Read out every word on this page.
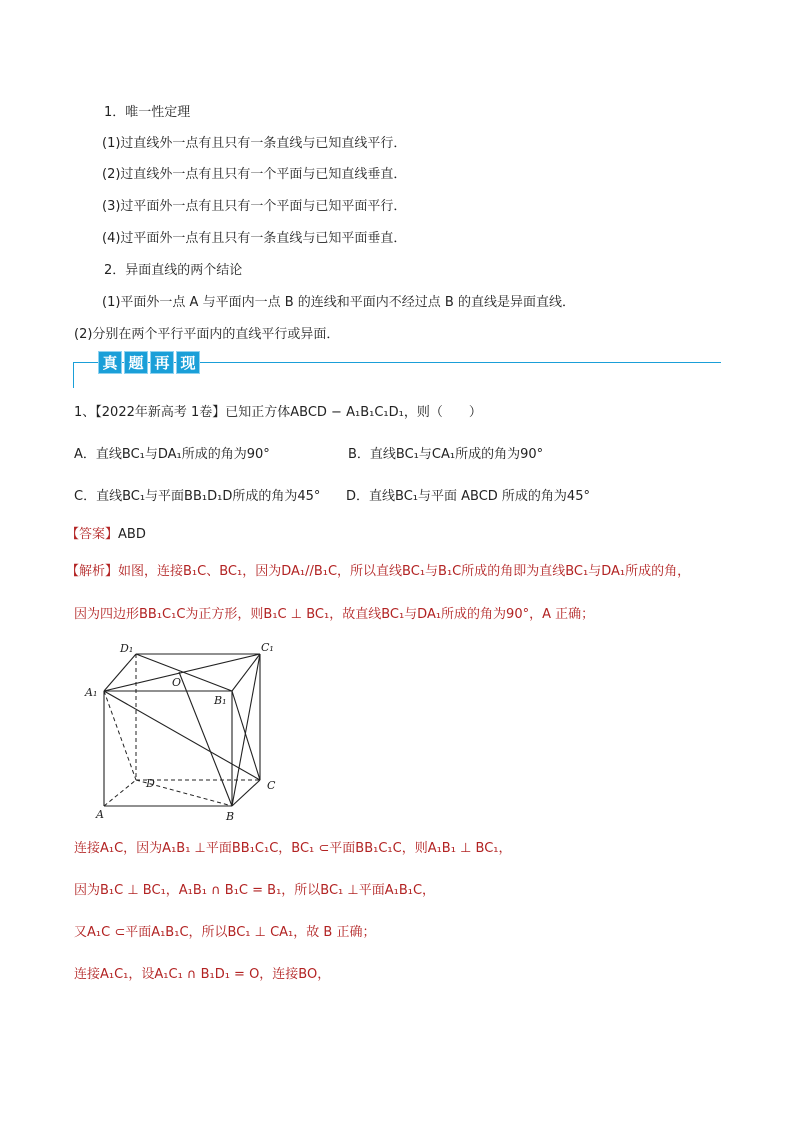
1．唯一性定理
(1)过直线外一点有且只有一条直线与已知直线平行．
(2)过直线外一点有且只有一个平面与已知直线垂直．
(3)过平面外一点有且只有一个平面与已知平面平行．
(4)过平面外一点有且只有一条直线与已知平面垂直．
2．异面直线的两个结论
(1)平面外一点 A 与平面内一点 B 的连线和平面内不经过点 B 的直线是异面直线．
(2)分别在两个平行平面内的直线平行或异面．
真 题 再 现
1、【2022年新高考 1卷】已知正方体ABCD − A₁B₁C₁D₁，则（　　）
A．直线BC₁与DA₁所成的角为90°	B．直线BC₁与CA₁所成的角为90°
C．直线BC₁与平面BB₁D₁D所成的角为45° D．直线BC₁与平面 ABCD 所成的角为45°
【答案】ABD
【解析】如图，连接B₁C、BC₁，因为DA₁//B₁C，所以直线BC₁与B₁C所成的角即为直线BC₁与DA₁所成的角，
因为四边形BB₁C₁C为正方形，则B₁C ⊥ BC₁，故直线BC₁与DA₁所成的角为90°，A 正确；
D₁	C₁
A₁
B₁
O
D	C
A	B
连接A₁C，因为A₁B₁ ⊥平面BB₁C₁C，BC₁ ⊂平面BB₁C₁C，则A₁B₁ ⊥ BC₁，
因为B₁C ⊥ BC₁，A₁B₁ ∩ B₁C = B₁，所以BC₁ ⊥平面A₁B₁C，
又A₁C ⊂平面A₁B₁C，所以BC₁ ⊥ CA₁，故 B 正确；
连接A₁C₁，设A₁C₁ ∩ B₁D₁ = O，连接BO，
